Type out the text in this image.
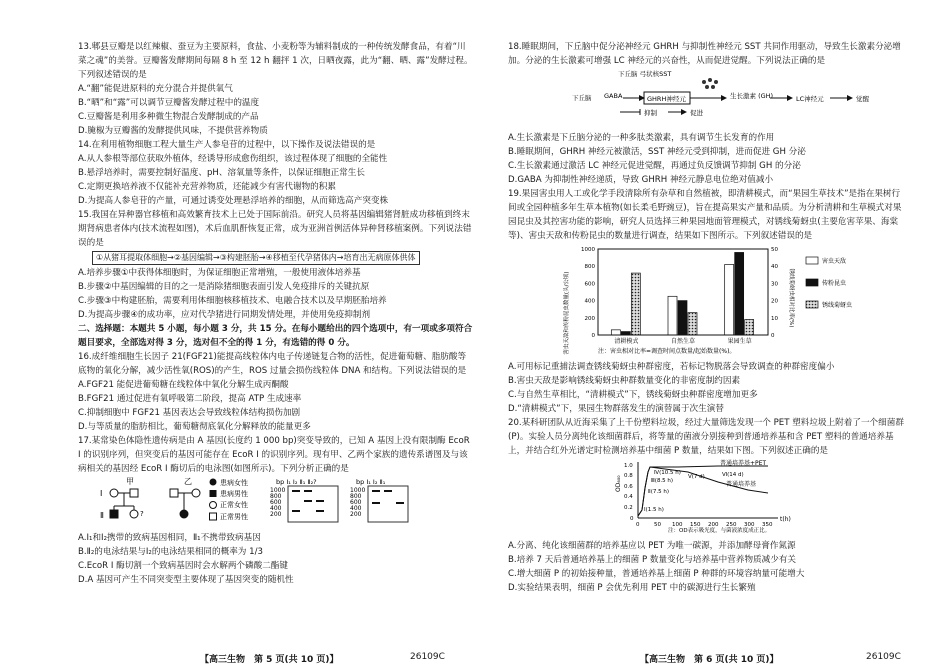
13.郫县豆瓣是以红辣椒、蚕豆为主要原料，食盐、小麦粉等为辅料制成的一种传统发酵食品，有着“川菜之魂”的美誉。豆瓣酱发酵期间每隔 8 h 至 12 h 翻抨 1 次，日晒夜露，此为“翻、晒、露”发酵过程。下列叙述错误的是

A.“翻”能促进原料的充分混合并提供氧气

B.“晒”和“露”可以调节豆瓣酱发酵过程中的温度

C.豆瓣酱是利用多种微生物混合发酵制成的产品

D.腌椒为豆瓣酱的发酵提供风味，不提供营养物质

14.在利用植物细胞工程大量生产人参皂苷的过程中，以下操作及说法错误的是

A.从人参根等部位获取外植体，经诱导形成愈伤组织，该过程体现了细胞的全能性

B.悬浮培养时，需要控制好温度、pH、溶氧量等条件，以保证细胞正常生长

C.定期更换培养液不仅能补充营养物质，还能减少有害代谢物的积累

D.为提高人参皂苷的产量，可通过诱变处理悬浮培养的细胞，从而筛选高产突变株

15.我国在异种器官移植和高效繁育技术上已处于国际前沿。研究人员将基因编辑猪肾脏成功移植到终末期肾病患者体内(技术流程如图)，术后血肌酐恢复正常，成为亚洲首例活体异种肾移植案例。下列说法错误的是

①从猪耳提取体细胞→②基因编辑→③构建胚胎→④移植至代孕猪体内→培育出无病原体供体

A.培养步骤①中获得体细胞时，为保证细胞正常增殖，一般使用液体培养基

B.步骤②中基因编辑的目的之一是消除猪细胞表面引发人免疫排斥的关键抗原

C.步骤③中构建胚胎，需要利用体细胞核移植技术、电融合技术以及早期胚胎培养

D.为提高步骤④的成功率，应对代孕猪进行同期发情处理，并使用免疫抑制剂

二、选择题：本题共 5 小题，每小题 3 分，共 15 分。在每小题给出的四个选项中，有一项或多项符合题目要求，全部选对得 3 分，选对但不全的得 1 分，有选错的得 0 分。

16.成纤维细胞生长因子 21(FGF21)能提高线粒体内电子传递链复合物的活性，促进葡萄糖、脂肪酸等底物的氧化分解，减少活性氧(ROS)的产生，ROS 过量会损伤线粒体 DNA 和结构。下列说法错误的是

A.FGF21 能促进葡萄糖在线粒体中氧化分解生成丙酮酸

B.FGF21 通过促进有氧呼吸第二阶段，提高 ATP 生成速率

C.抑制细胞中 FGF21 基因表达会导致线粒体结构损伤加剧

D.与等质量的脂肪相比，葡萄糖彻底氧化分解释放的能量更多

17.某常染色体隐性遗传病是由 A 基因(长度约 1 000 bp)突变导致的，已知 A 基因上没有限制酶 EcoR Ⅰ 的识别序列，但突变后的基因可能存在 EcoR Ⅰ 的识别序列。现有甲、乙两个家族的遗传系谱图及与该病相关的基因经 EcoR Ⅰ 酶切后的电泳图(如图所示)。下列分析正确的是

甲
Ⅰ
Ⅱ	?
乙	患病女性
患病男性
正常女性
正常男性
bp Ⅰ₁ Ⅰ₂ Ⅱ₁ Ⅱ₂?
1000
800
600
400
200
bp Ⅰ₁ Ⅰ₂ Ⅱ₁
1000
800
600
400
200

A.Ⅰ₁和Ⅰ₂携带的致病基因相同，Ⅱ₁不携带致病基因

B.Ⅱ₂的电泳结果与Ⅰ₂的电泳结果相同的概率为 1/3

C.EcoR Ⅰ 酶切割一个致病基因时会水解两个磷酸二酯键

D.A 基因可产生不同突变型主要体现了基因突变的随机性

18.睡眠期间，下丘脑中促分泌神经元 GHRH 与抑制性神经元 SST 共同作用驱动，导致生长激素分泌增加。分泌的生长激素可增强 LC 神经元的兴奋性，从而促进觉醒。下列说法正确的是

下丘脑 弓状核SST
GABA
下丘脑	GHRH神经元	生长激素 (GH)	LC神经元	觉醒
抑制	促进

A.生长激素是下丘脑分泌的一种多肽类激素，具有调节生长发育的作用

B.睡眠期间，GHRH 神经元被激活，SST 神经元受到抑制，进而促进 GH 分泌

C.生长激素通过激活 LC 神经元促进觉醒，再通过负反馈调节抑制 GH 的分泌

D.GABA 为抑制性神经递质，导致 GHRH 神经元静息电位绝对值减小

19.果园害虫用人工或化学手段清除所有杂草和自然植被，即清耕模式，而“果园生草技术”是指在果树行间或全园种植多年生草本植物(如长柔毛野豌豆)，旨在提高果实产量和品质。为分析清耕和生草模式对果园昆虫及其控害功能的影响，研究人员选择三种果园地面管理模式，对锈线菊蚜虫(主要危害苹果、海棠等)、害虫天敌和传粉昆虫的数量进行调查，结果如下图所示。下列叙述错误的是

害虫天敌和传粉昆虫数量(头/公顷)	锈线菊蚜虫相对比率(%)
0
200
400
600
800
1000
0
10
20
30
40
50
清耕模式	自然生草	果园生草
害虫天敌
传粉昆虫
锈线菊蚜虫
注：害虫相对比率=调查时间点数量/起始数量(%)。

A.可用标记重捕法调查锈线菊蚜虫种群密度，若标记物脱落会导致调查的种群密度偏小

B.害虫天敌是影响锈线菊蚜虫种群数量变化的非密度制约因素

C.与自然生草相比，“清耕模式”下，锈线菊蚜虫种群密度增加更多

D.“清耕模式”下，果园生物群落发生的演替属于次生演替

20.某科研团队从近海采集了上千份塑料垃圾，经过大量筛选发现一个 PET 塑料垃圾上附着了一个细菌群(P)。实验人员分离纯化该细菌群后，将等量的菌液分别接种到普通培养基和含 PET 塑料的普通培养基上，并结合红外光谱定时检测培养基中细菌 P 数量，结果如下图。下列叙述正确的是

OD₆₀₀
t(h)
1.0
0.8
0.6
0.4
0.2
0
0	50 100 150 200 250 300 350
普通培养基+PET
普通培养基
Ⅰ(1.5 h)
Ⅱ(7.5 h)
Ⅲ(8.5 h)
Ⅳ(10.5 h)
Ⅴ(7 d)	Ⅵ(14 d)
注：OD表示吸光度，与菌液浓度成正比。

A.分离、纯化该细菌群的培养基应以 PET 为唯一碳源，并添加酵母膏作氮源

B.培养 7 天后普通培养基上的细菌 P 数量变化与培养基中营养物质减少有关

C.增大细菌 P 的初始接种量，普通培养基上细菌 P 种群的环境容纳量可能增大

D.实验结果表明，细菌 P 会优先利用 PET 中的碳源进行生长繁殖

【高三生物　第 5 页(共 10 页)】	26109C	【高三生物　第 6 页(共 10 页)】	26109C
